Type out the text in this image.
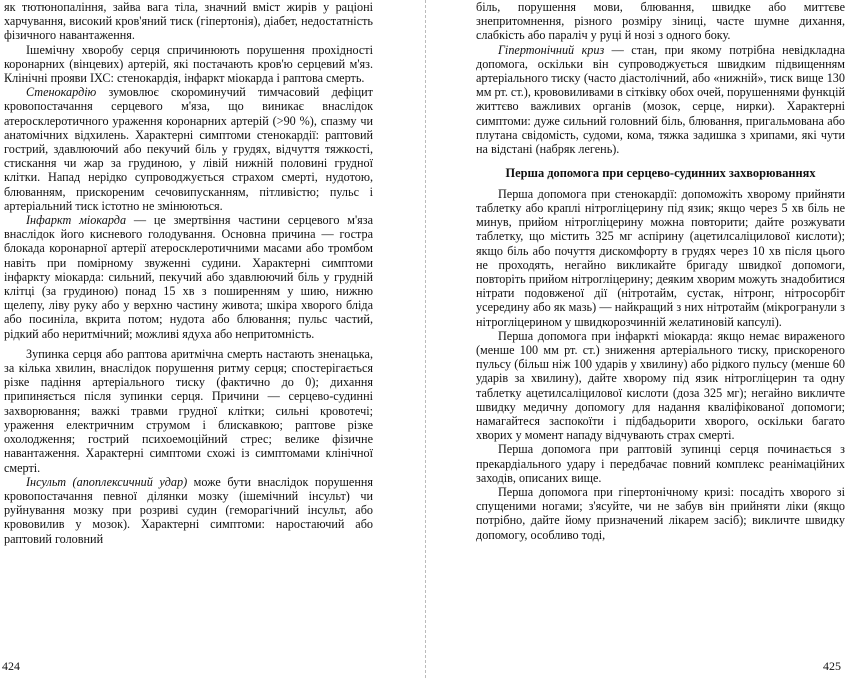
як тютюнопаління, зайва вага тіла, значний вміст жирів у раціоні харчування, високий кров'яний тиск (гіпертонія), діабет, недостатність фізичного навантаження.

Ішемічну хворобу серця спричинюють порушення прохідності коронарних (вінцевих) артерій, які постачають кров'ю серцевий м'яз. Клінічні прояви ІХС: стенокардія, інфаркт міокарда і раптова смерть.

Стенокардію зумовлює скороминучий тимчасовий дефіцит кровопостачання серцевого м'яза, що виникає внаслідок атеросклеротичного ураження коронарних артерій (>90 %), спазму чи анатомічних відхилень. Характерні симптоми стенокардії: раптовий гострий, здавлюючий або пекучий біль у грудях, відчуття тяжкості, стискання чи жар за грудиною, у лівій нижній половині грудної клітки. Напад нерідко супроводжується страхом смерті, нудотою, блюванням, прискореним сечовипусканням, пітливістю; пульс і артеріальний тиск істотно не змінюються.

Інфаркт міокарда — це змертвіння частини серцевого м'яза внаслідок його кисневого голодування. Основна причина — гостра блокада коронарної артерії атеросклеротичними масами або тромбом навіть при помірному звуженні судини. Характерні симптоми інфаркту міокарда: сильний, пекучий або здавлюючий біль у грудній клітці (за грудиною) понад 15 хв з поширенням у шию, нижню щелепу, ліву руку або у верхню частину живота; шкіра хворого бліда або посиніла, вкрита потом; нудота або блювання; пульс частий, рідкий або неритмічний; можливі ядуха або непритомність.

Зупинка серця або раптова аритмічна смерть настають зненацька, за кілька хвилин, внаслідок порушення ритму серця; спостерігається різке падіння артеріального тиску (фактично до 0); дихання припиняється після зупинки серця. Причини — серцево-судинні захворювання; важкі травми грудної клітки; сильні кровотечі; ураження електричним струмом і блискавкою; раптове різке охолодження; гострий психоемоційний стрес; велике фізичне навантаження. Характерні симптоми схожі із симптомами клінічної смерті.

Інсульт (апоплексичний удар) може бути внаслідок порушення кровопостачання певної ділянки мозку (ішемічний інсульт) чи руйнування мозку при розриві судин (геморагічний інсульт, або крововилив у мозок). Характерні симптоми: наростаючий або раптовий головний

424

біль, порушення мови, блювання, швидке або миттєве знепритомнення, різного розміру зіниці, часте шумне дихання, слабкість або параліч у руці й нозі з одного боку.

Гіпертонічний криз — стан, при якому потрібна невідкладна допомога, оскільки він супроводжується швидким підвищенням артеріального тиску (часто діастолічний, або «нижній», тиск вище 130 мм рт. ст.), крововиливами в сітківку обох очей, порушеннями функцій життєво важливих органів (мозок, серце, нирки). Характерні симптоми: дуже сильний головний біль, блювання, пригальмована або плутана свідомість, судоми, кома, тяжка задишка з хрипами, які чути на відстані (набряк легень).

Перша допомога при серцево-судинних захворюваннях

Перша допомога при стенокардії: допоможіть хворому прийняти таблетку або краплі нітрогліцерину під язик; якщо через 5 хв біль не минув, прийом нітрогліцерину можна повторити; дайте розжувати таблетку, що містить 325 мг аспірину (ацетилсаліцилової кислоти); якщо біль або почуття дискомфорту в грудях через 10 хв після цього не проходять, негайно викликайте бригаду швидкої допомоги, повторіть прийом нітрогліцерину; деяким хворим можуть знадобитися нітрати подовженої дії (нітротайм, сустак, нітронг, нітросорбіт усередину або як мазь) — найкращий з них нітротайм (мікрогранули з нітрогліцерином у швидкорозчинній желатиновій капсулі).

Перша допомога при інфаркті міокарда: якщо немає вираженого (менше 100 мм рт. ст.) зниження артеріального тиску, прискореного пульсу (більш ніж 100 ударів у хвилину) або рідкого пульсу (менше 60 ударів за хвилину), дайте хворому під язик нітрогліцерин та одну таблетку ацетилсаліцилової кислоти (доза 325 мг); негайно викличте швидку медичну допомогу для надання кваліфікованої допомоги; намагайтеся заспокоїти і підбадьорити хворого, оскільки багато хворих у момент нападу відчувають страх смерті.

Перша допомога при раптовій зупинці серця починається з прекардіального удару і передбачає повний комплекс реанімаційних заходів, описаних вище.

Перша допомога при гіпертонічному кризі: посадіть хворого зі спущеними ногами; з'ясуйте, чи не забув він прийняти ліки (якщо потрібно, дайте йому призначений лікарем засіб); викличте швидку допомогу, особливо тоді,

425
